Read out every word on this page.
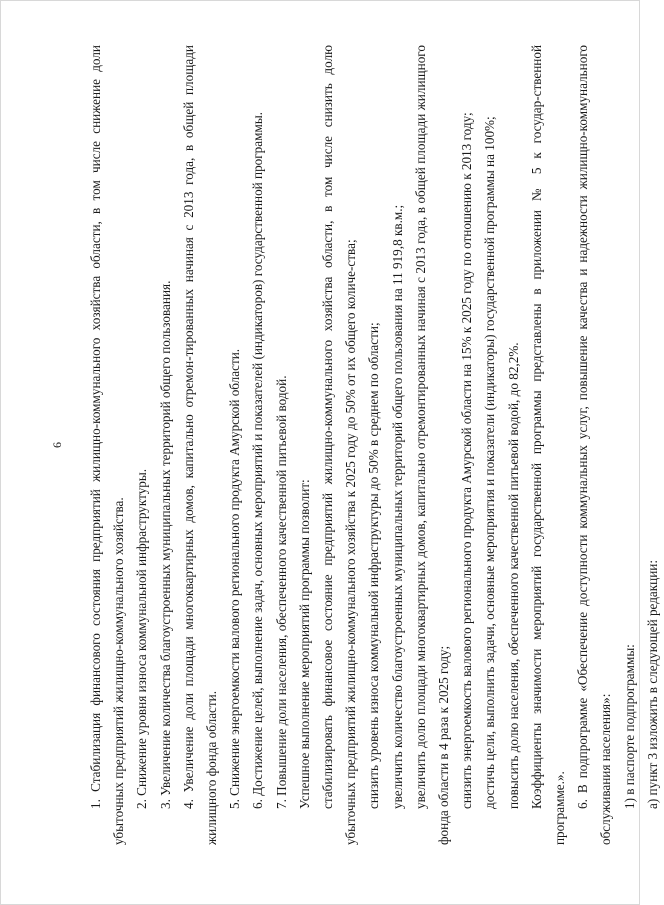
6	1. Стабилизация финансового состояния предприятий жилищно-коммунального хозяйства области, в том числе снижение доли убыточных предприятий жилищно-коммунального хозяйства. 2. Снижение уровня износа коммунальной инфраструктуры. 3. Увеличение количества благоустроенных муниципальных территорий общего пользования. 4. Увеличение доли площади многоквартирных домов, капитально отремон-тированных начиная с 2013 года, в общей площади жилищного фонда области. 5. Снижение энергоемкости валового регионального продукта Амурской области. 6. Достижение целей, выполнение задач, основных мероприятий и показателей (индикаторов) государственной программы. 7. Повышение доли населения, обеспеченного качественной питьевой водой. Успешное выполнение мероприятий программы позволит: стабилизировать финансовое состояние предприятий жилищно-коммунального хозяйства области, в том числе снизить долю убыточных предприятий жилищно-коммунального хозяйства к 2025 году до 50% от их общего количе-ства; снизить уровень износа коммунальной инфраструктуры до 50% в среднем по области; увеличить количество благоустроенных муниципальных территорий общего пользования на 11 919,8 кв.м.; увеличить долю площади многоквартирных домов, капитально отремонтированных начиная с 2013 года, в общей площади жилищного фонда области в 4 раза к 2025 году; снизить энергоемкость валового регионального продукта Амурской области на 15% к 2025 году по отношению к 2013 году; достичь цели, выполнить задачи, основные мероприятия и показатели (индикаторы) государственной программы на 100%; повысить долю населения, обеспеченного качественной питьевой водой, до 82,2%. Коэффициенты значимости мероприятий государственной программы представлены в приложении № 5 к государ-ственной программе.». 6. В подпрограмме «Обеспечение доступности коммунальных услуг, повышение качества и надежности жилищно-коммунального обслуживания населения»: 1) в паспорте подпрограммы: а) пункт 3 изложить в следующей редакции:
